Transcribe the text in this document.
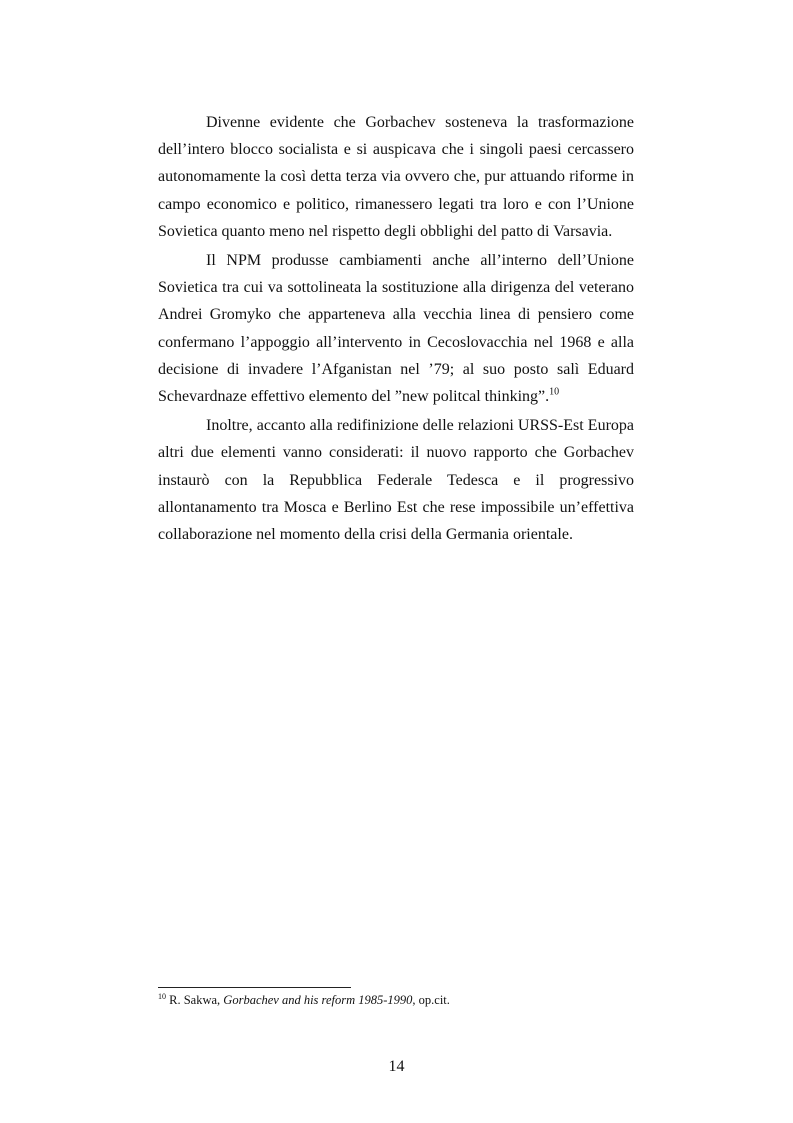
Divenne evidente che Gorbachev sosteneva la trasformazione dell’intero blocco socialista e si auspicava che i singoli paesi cercassero autonomamente la così detta terza via ovvero che, pur attuando riforme in campo economico e politico, rimanessero legati tra loro e con l’Unione Sovietica quanto meno nel rispetto degli obblighi del patto di Varsavia.

Il NPM produsse cambiamenti anche all’interno dell’Unione Sovietica tra cui va sottolineata la sostituzione alla dirigenza del veterano Andrei Gromyko che apparteneva alla vecchia linea di pensiero come confermano l’appoggio all’intervento in Cecoslovacchia nel 1968 e alla decisione di invadere l’Afganistan nel ’79; al suo posto salì Eduard Schevardnaze effettivo elemento del ”new politcal thinking”.$^{10}$

Inoltre, accanto alla redifinizione delle relazioni URSS-Est Europa altri due elementi vanno considerati: il nuovo rapporto che Gorbachev instaurò con la Repubblica Federale Tedesca e il progressivo allontanamento tra Mosca e Berlino Est che rese impossibile un’effettiva collaborazione nel momento della crisi della Germania orientale.

$^{10}$ R. Sakwa, Gorbachev and his reform 1985-1990, op.cit.
14
